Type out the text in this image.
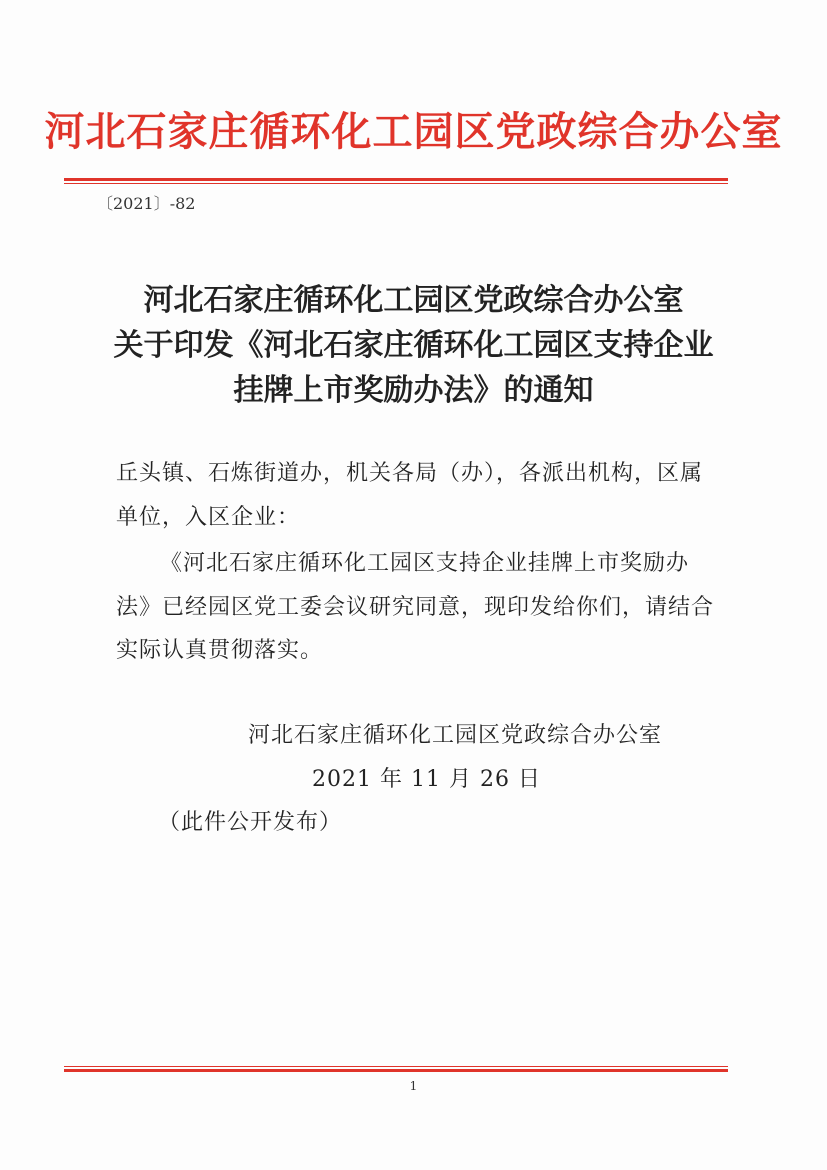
河北石家庄循环化工园区党政综合办公室
〔2021〕-82
河北石家庄循环化工园区党政综合办公室
关于印发《河北石家庄循环化工园区支持企业
挂牌上市奖励办法》的通知
丘头镇、石炼街道办，机关各局（办），各派出机构，区属
单位，入区企业：
《河北石家庄循环化工园区支持企业挂牌上市奖励办
法》已经园区党工委会议研究同意，现印发给你们，请结合
实际认真贯彻落实。
河北石家庄循环化工园区党政综合办公室
2021 年 11 月 26 日
（此件公开发布）
1
